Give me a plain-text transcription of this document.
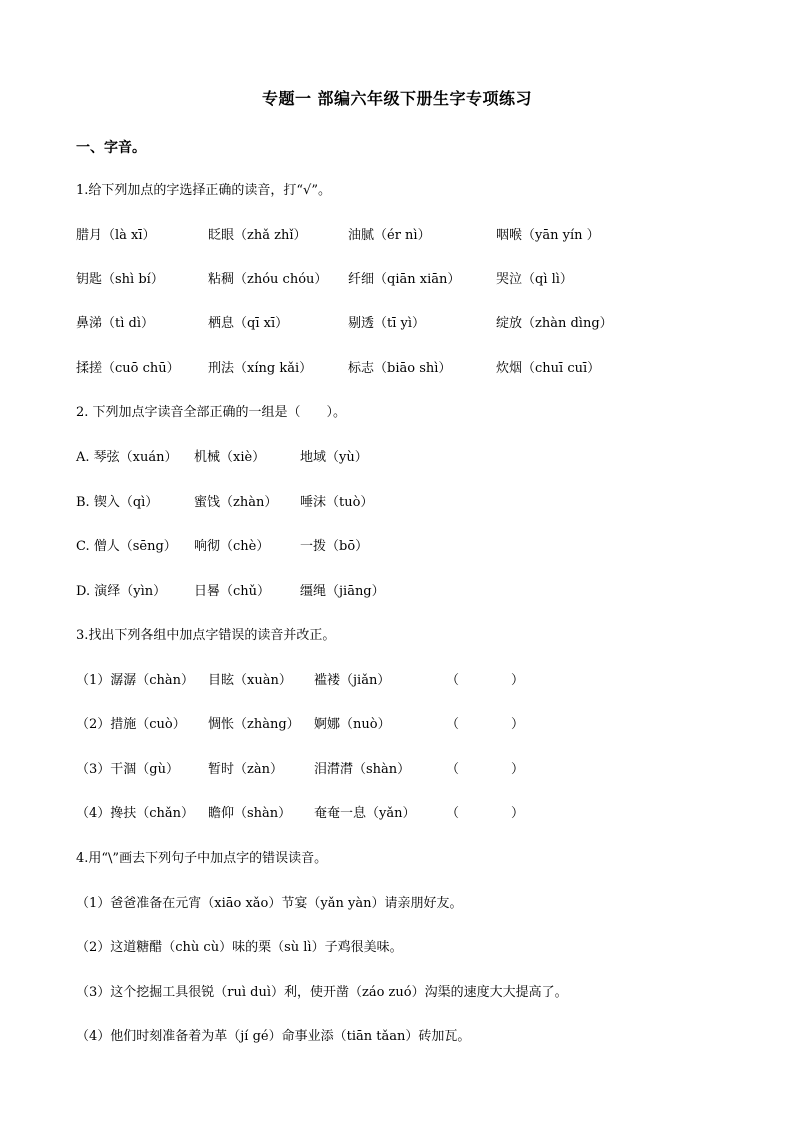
专题一 部编六年级下册生字专项练习
一、字音。
1.给下列加点的字选择正确的读音，打“√”。
腊月（là xī）	眨眼（zhǎ zhǐ）	油腻（ér nì）	咽喉（yān yín ）
钥匙（shì bí）	粘稠（zhóu chóu） 纤细（qiān xiān）	哭泣（qì lì）
鼻涕（tì dì）	栖息（qī xī）	剔透（tī yì）	绽放（zhàn dìng）
揉搓（cuō chū） 刑法（xíng kǎi）	标志（biāo shì）	炊烟（chuī cuī）
2. 下列加点字读音全部正确的一组是（　　）。
A. 琴弦（xuán） 机械（xiè）	地域（yù）
B. 锲入（qì）	蜜饯（zhàn） 唾沫（tuò）
C. 僧人（sēng） 响彻（chè） 一拨（bō）
D. 演绎（yìn） 日晷（chǔ） 缰绳（jiāng）
3.找出下列各组中加点字错误的读音并改正。
（1）潺潺（chàn） 目眩（xuàn） 褴褛（jiǎn）	（　　　　）
（2）措施（cuò） 惆怅（zhàng） 婀娜（nuò）	（　　　　）
（3）干涸（gù） 暂时（zàn） 泪潸潸（shàn）	（　　　　）
（4）搀扶（chǎn） 瞻仰（shàn） 奄奄一息（yǎn） （　　　　）
4.用“\”画去下列句子中加点字的错误读音。
（1）爸爸准备在元宵（xiāo xǎo）节宴（yǎn yàn）请亲朋好友。
（2）这道糖醋（chù cù）味的栗（sù lì）子鸡很美味。
（3）这个挖掘工具很锐（ruì duì）利，使开凿（záo zuó）沟渠的速度大大提高了。
（4）他们时刻准备着为革（jí gé）命事业添（tiān tǎan）砖加瓦。
